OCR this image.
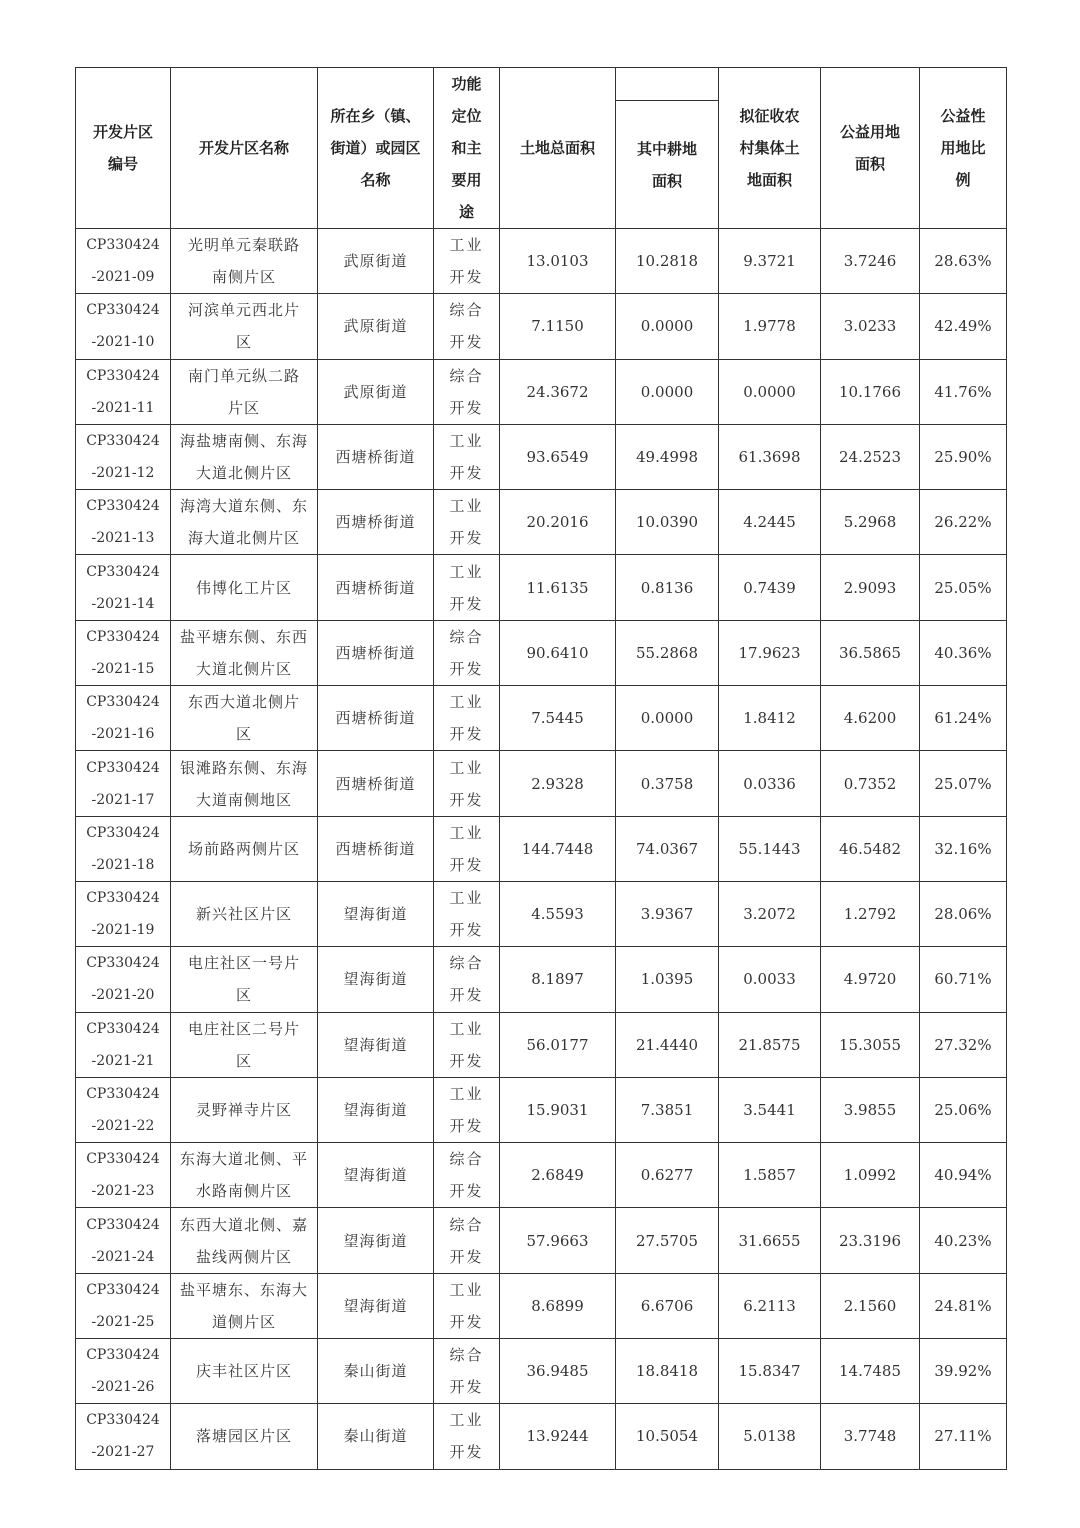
开发片区
编号	开发片区名称	所在乡（镇、
街道）或园区
名称	功能
定位
和主
要用
途	土地总面积	其中耕地
面积	拟征收农
村集体土
地面积	公益用地
面积	公益性
用地比
例

CP330424
-2021-09	光明单元秦联路
南侧片区	武原街道	工业
开发	13.0103	10.2818	9.3721	3.7246	28.63%

CP330424
-2021-10	河滨单元西北片
区	武原街道	综合
开发	7.1150	0.0000	1.9778	3.0233	42.49%

CP330424
-2021-11	南门单元纵二路
片区	武原街道	综合
开发	24.3672	0.0000	0.0000	10.1766	41.76%

CP330424
-2021-12	海盐塘南侧、东海
大道北侧片区	西塘桥街道	工业
开发	93.6549	49.4998	61.3698	24.2523	25.90%

CP330424
-2021-13	海湾大道东侧、东
海大道北侧片区	西塘桥街道	工业
开发	20.2016	10.0390	4.2445	5.2968	26.22%

CP330424
-2021-14	伟博化工片区	西塘桥街道	工业
开发	11.6135	0.8136	0.7439	2.9093	25.05%

CP330424
-2021-15	盐平塘东侧、东西
大道北侧片区	西塘桥街道	综合
开发	90.6410	55.2868	17.9623	36.5865	40.36%

CP330424
-2021-16	东西大道北侧片
区	西塘桥街道	工业
开发	7.5445	0.0000	1.8412	4.6200	61.24%

CP330424
-2021-17	银滩路东侧、东海
大道南侧地区	西塘桥街道	工业
开发	2.9328	0.3758	0.0336	0.7352	25.07%

CP330424
-2021-18	场前路两侧片区	西塘桥街道	工业
开发	144.7448	74.0367	55.1443	46.5482	32.16%

CP330424
-2021-19	新兴社区片区	望海街道	工业
开发	4.5593	3.9367	3.2072	1.2792	28.06%

CP330424
-2021-20	电庄社区一号片
区	望海街道	综合
开发	8.1897	1.0395	0.0033	4.9720	60.71%

CP330424
-2021-21	电庄社区二号片
区	望海街道	工业
开发	56.0177	21.4440	21.8575	15.3055	27.32%

CP330424
-2021-22	灵野禅寺片区	望海街道	工业
开发	15.9031	7.3851	3.5441	3.9855	25.06%

CP330424
-2021-23	东海大道北侧、平
水路南侧片区	望海街道	综合
开发	2.6849	0.6277	1.5857	1.0992	40.94%

CP330424
-2021-24	东西大道北侧、嘉
盐线两侧片区	望海街道	综合
开发	57.9663	27.5705	31.6655	23.3196	40.23%

CP330424
-2021-25	盐平塘东、东海大
道侧片区	望海街道	工业
开发	8.6899	6.6706	6.2113	2.1560	24.81%

CP330424
-2021-26	庆丰社区片区	秦山街道	综合
开发	36.9485	18.8418	15.8347	14.7485	39.92%

CP330424
-2021-27	落塘园区片区	秦山街道	工业
开发	13.9244	10.5054	5.0138	3.7748	27.11%
